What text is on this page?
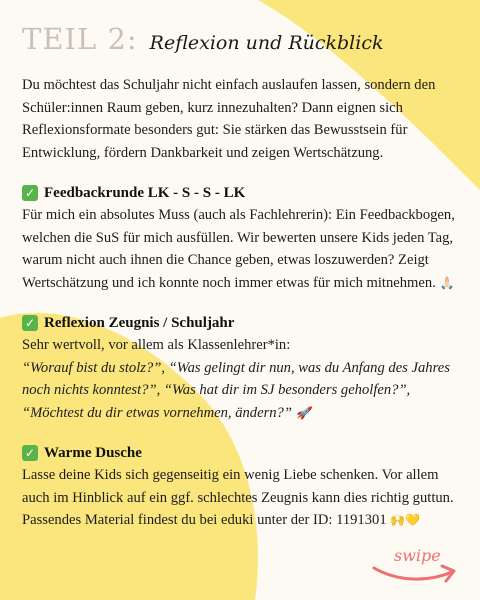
TEIL 2: Reflexion und Rückblick

Du möchtest das Schuljahr nicht einfach auslaufen lassen, sondern den Schüler:innen Raum geben, kurz innezuhalten? Dann eignen sich Reflexionsformate besonders gut: Sie stärken das Bewusstsein für Entwicklung, fördern Dankbarkeit und zeigen Wertschätzung.

✓ Feedbackrunde LK - S - S - LK

Für mich ein absolutes Muss (auch als Fachlehrerin): Ein Feedbackbogen, welchen die SuS für mich ausfüllen. Wir bewerten unsere Kids jeden Tag, warum nicht auch ihnen die Chance geben, etwas loszuwerden? Zeigt Wertschätzung und ich konnte noch immer etwas für mich mitnehmen. 🙏🏻

✓ Reflexion Zeugnis / Schuljahr

Sehr wertvoll, vor allem als Klassenlehrer*in:

“Worauf bist du stolz?”, “Was gelingt dir nun, was du Anfang des Jahres noch nichts konntest?”, “Was hat dir im SJ besonders geholfen?”, “Möchtest du dir etwas vornehmen, ändern?” 🚀

✓ Warme Dusche

Lasse deine Kids sich gegenseitig ein wenig Liebe schenken. Vor allem auch im Hinblick auf ein ggf. schlechtes Zeugnis kann dies richtig guttun. Passendes Material findest du bei eduki unter der ID: 1191301 🙌💛

swipe
